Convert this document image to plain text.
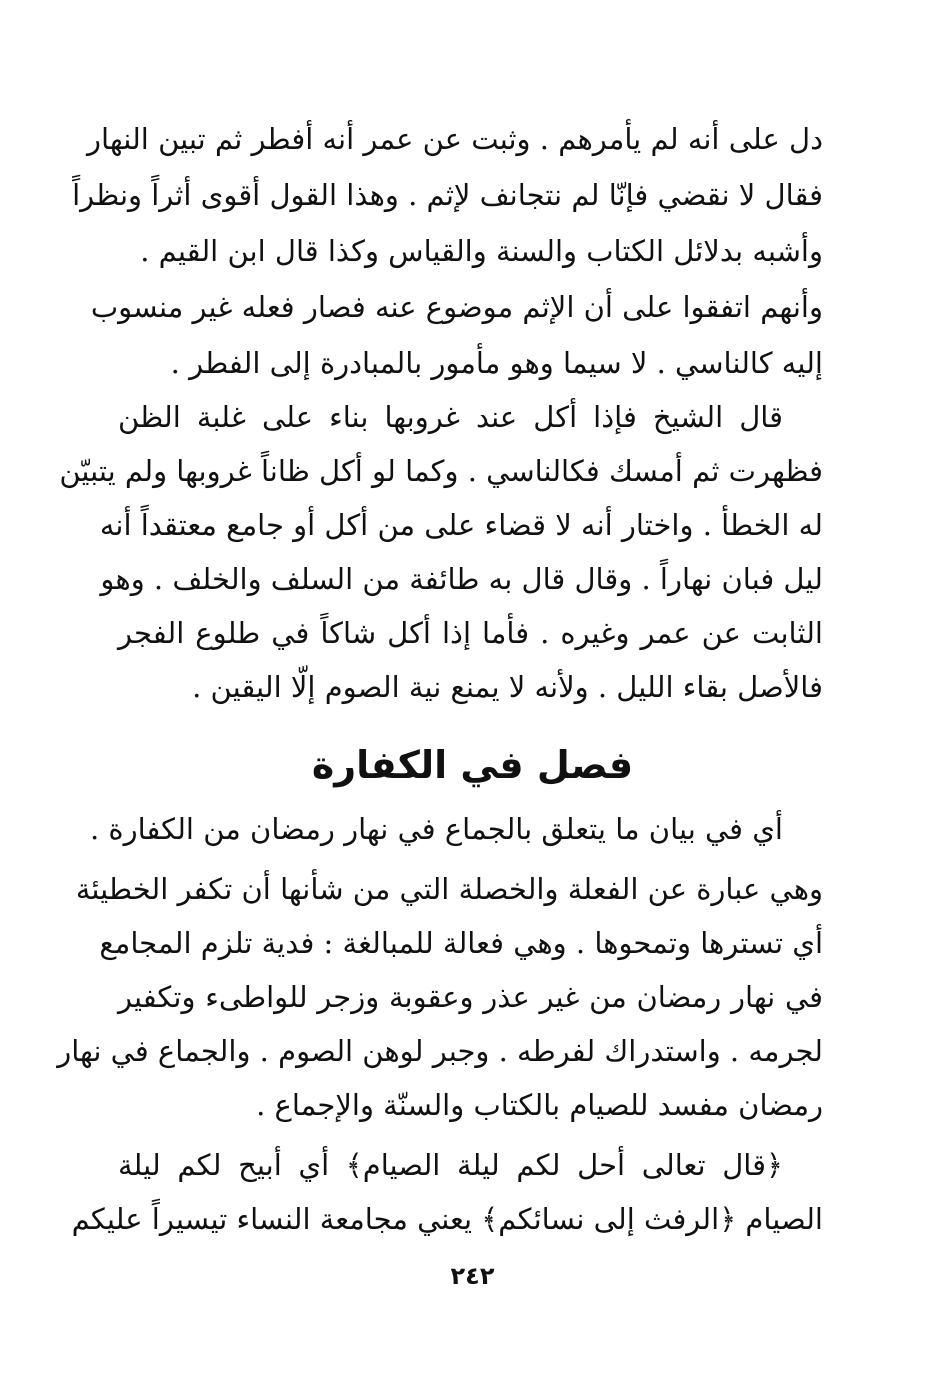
دل على أنه لم يأمرهم . وثبت عن عمر أنه أفطر ثم تبين النهار
فقال لا نقضي فإنّا لم نتجانف لإثم . وهذا القول أقوى أثراً ونظراً
وأشبه بدلائل الكتاب والسنة والقياس وكذا قال ابن القيم .
وأنهم اتفقوا على أن الإثم موضوع عنه فصار فعله غير منسوب
إليه كالناسي . لا سيما وهو مأمور بالمبادرة إلى الفطر .
قال الشيخ فإذا أكل عند غروبها بناء على غلبة الظن
فظهرت ثم أمسك فكالناسي . وكما لو أكل ظاناً غروبها ولم يتبيّن
له الخطأ . واختار أنه لا قضاء على من أكل أو جامع معتقداً أنه
ليل فبان نهاراً . وقال قال به طائفة من السلف والخلف . وهو
الثابت عن عمر وغيره . فأما إذا أكل شاكاً في طلوع الفجر
فالأصل بقاء الليل . ولأنه لا يمنع نية الصوم إلّا اليقين .
فصل في الكفارة
أي في بيان ما يتعلق بالجماع في نهار رمضان من الكفارة .
وهي عبارة عن الفعلة والخصلة التي من شأنها أن تكفر الخطيئة
أي تسترها وتمحوها . وهي فعالة للمبالغة : فدية تلزم المجامع
في نهار رمضان من غير عذر وعقوبة وزجر للواطىء وتكفير
لجرمه . واستدراك لفرطه . وجبر لوهن الصوم . والجماع في نهار
رمضان مفسد للصيام بالكتاب والسنّة والإجماع .
﴿قال تعالى أحل لكم ليلة الصيام﴾ أي أبيح لكم ليلة
الصيام ﴿الرفث إلى نسائكم﴾ يعني مجامعة النساء تيسيراً عليكم
٢٤٢
